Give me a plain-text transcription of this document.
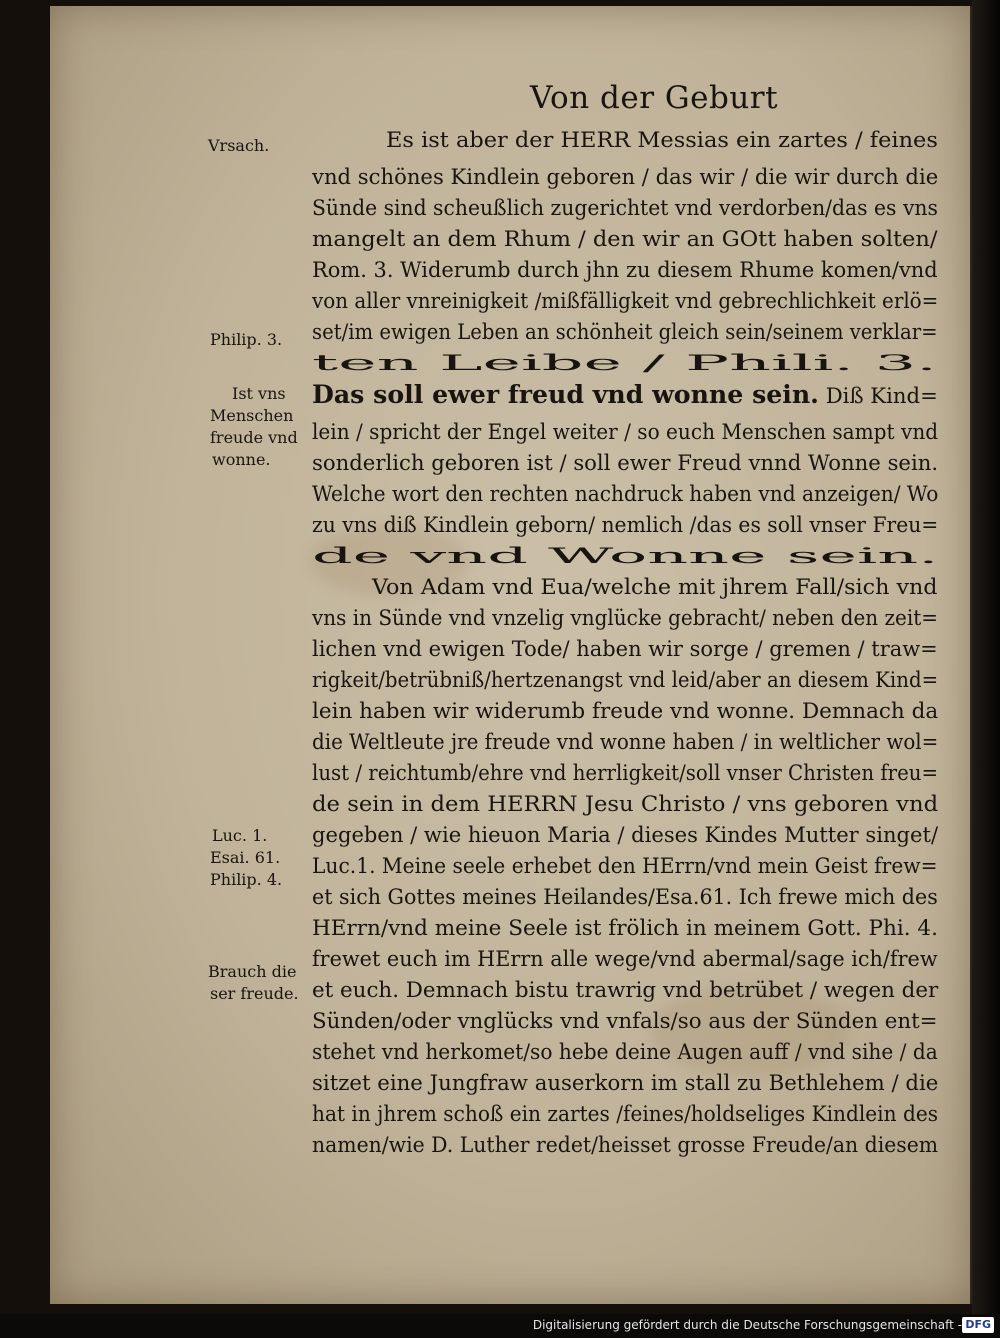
Von der Geburt
Es ist aber der HERR Messias ein zartes / feines
vnd schönes Kindlein geboren / das wir / die wir durch die
Sünde sind scheußlich zugerichtet vnd verdorben/das es vns
mangelt an dem Rhum / den wir an GOtt haben solten/
Rom. 3. Widerumb durch jhn zu diesem Rhume komen/vnd
von aller vnreinigkeit /mißfälligkeit vnd gebrechlichkeit erlö=
set/im ewigen Leben an schönheit gleich sein/seinem verklar=
ten Leibe / Phili. 3.
Das soll ewer freud vnd wonne sein. Diß Kind=
lein / spricht der Engel weiter / so euch Menschen sampt vnd
sonderlich geboren ist / soll ewer Freud vnnd Wonne sein.
Welche wort den rechten nachdruck haben vnd anzeigen/ Wo
zu vns diß Kindlein geborn/ nemlich /das es soll vnser Freu=
de vnd Wonne sein.
Von Adam vnd Eua/welche mit jhrem Fall/sich vnd
vns in Sünde vnd vnzelig vnglücke gebracht/ neben den zeit=
lichen vnd ewigen Tode/ haben wir sorge / gremen / traw=
rigkeit/betrübniß/hertzenangst vnd leid/aber an diesem Kind=
lein haben wir widerumb freude vnd wonne. Demnach da
die Weltleute jre freude vnd wonne haben / in weltlicher wol=
lust / reichtumb/ehre vnd herrligkeit/soll vnser Christen freu=
de sein in dem HERRN Jesu Christo / vns geboren vnd
gegeben / wie hieuon Maria / dieses Kindes Mutter singet/
Luc.1. Meine seele erhebet den HErrn/vnd mein Geist frew=
et sich Gottes meines Heilandes/Esa.61. Ich frewe mich des
HErrn/vnd meine Seele ist frölich in meinem Gott. Phi. 4.
frewet euch im HErrn alle wege/vnd abermal/sage ich/frew
et euch. Demnach bistu trawrig vnd betrübet / wegen der
Sünden/oder vnglücks vnd vnfals/so aus der Sünden ent=
stehet vnd herkomet/so hebe deine Augen auff / vnd sihe / da
sitzet eine Jungfraw auserkorn im stall zu Bethlehem / die
hat in jhrem schoß ein zartes /feines/holdseliges Kindlein des
namen/wie D. Luther redet/heisset grosse Freude/an diesem
Vrsach.
Philip. 3.
Ist vns
Menschen
freude vnd
wonne.
Luc. 1.
Esai. 61.
Philip. 4.
Brauch die
ser freude.
Digitalisierung gefördert durch die Deutsche Forschungsgemeinschaft - DFG
